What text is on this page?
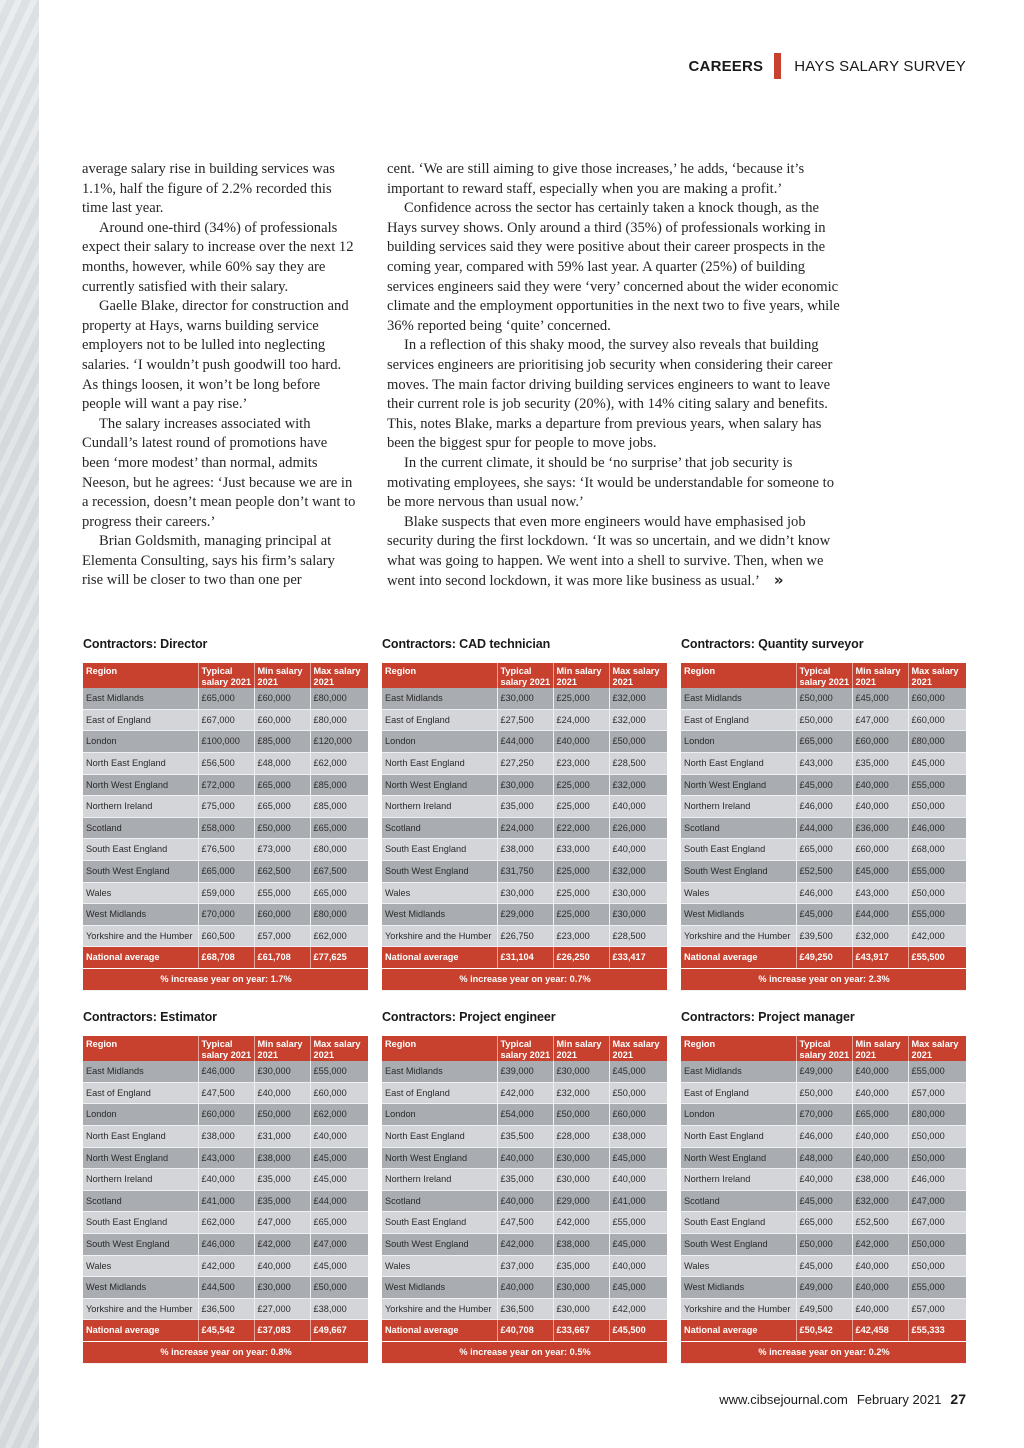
CAREERS HAYS SALARY SURVEY

average salary rise in building services was 1.1%, half the figure of 2.2% recorded this time last year.

Around one-third (34%) of professionals expect their salary to increase over the next 12 months, however, while 60% say they are currently satisfied with their salary.

Gaelle Blake, director for construction and property at Hays, warns building service employers not to be lulled into neglecting salaries. ‘I wouldn’t push goodwill too hard. As things loosen, it won’t be long before people will want a pay rise.’

The salary increases associated with Cundall’s latest round of promotions have been ‘more modest’ than normal, admits Neeson, but he agrees: ‘Just because we are in a recession, doesn’t mean people don’t want to progress their careers.’

Brian Goldsmith, managing principal at Elementa Consulting, says his firm’s salary rise will be closer to two than one per

cent. ‘We are still aiming to give those increases,’ he adds, ‘because it’s important to reward staff, especially when you are making a profit.’

Confidence across the sector has certainly taken a knock though, as the Hays survey shows. Only around a third (35%) of professionals working in building services said they were positive about their career prospects in the coming year, compared with 59% last year. A quarter (25%) of building services engineers said they were ‘very’ concerned about the wider economic climate and the employment opportunities in the next two to five years, while 36% reported being ‘quite’ concerned.

In a reflection of this shaky mood, the survey also reveals that building services engineers are prioritising job security when considering their career moves. The main factor driving building services engineers to want to leave their current role is job security (20%), with 14% citing salary and benefits. This, notes Blake, marks a departure from previous years, when salary has been the biggest spur for people to move jobs.

In the current climate, it should be ‘no surprise’ that job security is motivating employees, she says: ‘It would be understandable for someone to be more nervous than usual now.’

Blake suspects that even more engineers would have emphasised job security during the first lockdown. ‘It was so uncertain, and we didn’t know what was going to happen. We went into a shell to survive. Then, when we went into second lockdown, it was more like business as usual.’ »

Contractors: Director
Region	Typical salary 2021	Min salary 2021	Max salary 2021
East Midlands	£65,000	£60,000	£80,000
East of England	£67,000	£60,000	£80,000
London	£100,000	£85,000	£120,000
North East England	£56,500	£48,000	£62,000
North West England	£72,000	£65,000	£85,000
Northern Ireland	£75,000	£65,000	£85,000
Scotland	£58,000	£50,000	£65,000
South East England	£76,500	£73,000	£80,000
South West England	£65,000	£62,500	£67,500
Wales	£59,000	£55,000	£65,000
West Midlands	£70,000	£60,000	£80,000
Yorkshire and the Humber	£60,500	£57,000	£62,000
National average	£68,708	£61,708	£77,625
% increase year on year: 1.7%			
Contractors: CAD technician
Region	Typical salary 2021	Min salary 2021	Max salary 2021
East Midlands	£30,000	£25,000	£32,000
East of England	£27,500	£24,000	£32,000
London	£44,000	£40,000	£50,000
North East England	£27,250	£23,000	£28,500
North West England	£30,000	£25,000	£32,000
Northern Ireland	£35,000	£25,000	£40,000
Scotland	£24,000	£22,000	£26,000
South East England	£38,000	£33,000	£40,000
South West England	£31,750	£25,000	£32,000
Wales	£30,000	£25,000	£30,000
West Midlands	£29,000	£25,000	£30,000
Yorkshire and the Humber	£26,750	£23,000	£28,500
National average	£31,104	£26,250	£33,417
% increase year on year: 0.7%			
Contractors: Quantity surveyor
Region	Typical salary 2021	Min salary 2021	Max salary 2021
East Midlands	£50,000	£45,000	£60,000
East of England	£50,000	£47,000	£60,000
London	£65,000	£60,000	£80,000
North East England	£43,000	£35,000	£45,000
North West England	£45,000	£40,000	£55,000
Northern Ireland	£46,000	£40,000	£50,000
Scotland	£44,000	£36,000	£46,000
South East England	£65,000	£60,000	£68,000
South West England	£52,500	£45,000	£55,000
Wales	£46,000	£43,000	£50,000
West Midlands	£45,000	£44,000	£55,000
Yorkshire and the Humber	£39,500	£32,000	£42,000
National average	£49,250	£43,917	£55,500
% increase year on year: 2.3%			
Contractors: Estimator
Region	Typical salary 2021	Min salary 2021	Max salary 2021
East Midlands	£46,000	£30,000	£55,000
East of England	£47,500	£40,000	£60,000
London	£60,000	£50,000	£62,000
North East England	£38,000	£31,000	£40,000
North West England	£43,000	£38,000	£45,000
Northern Ireland	£40,000	£35,000	£45,000
Scotland	£41,000	£35,000	£44,000
South East England	£62,000	£47,000	£65,000
South West England	£46,000	£42,000	£47,000
Wales	£42,000	£40,000	£45,000
West Midlands	£44,500	£30,000	£50,000
Yorkshire and the Humber	£36,500	£27,000	£38,000
National average	£45,542	£37,083	£49,667
% increase year on year: 0.8%			
Contractors: Project engineer
Region	Typical salary 2021	Min salary 2021	Max salary 2021
East Midlands	£39,000	£30,000	£45,000
East of England	£42,000	£32,000	£50,000
London	£54,000	£50,000	£60,000
North East England	£35,500	£28,000	£38,000
North West England	£40,000	£30,000	£45,000
Northern Ireland	£35,000	£30,000	£40,000
Scotland	£40,000	£29,000	£41,000
South East England	£47,500	£42,000	£55,000
South West England	£42,000	£38,000	£45,000
Wales	£37,000	£35,000	£40,000
West Midlands	£40,000	£30,000	£45,000
Yorkshire and the Humber	£36,500	£30,000	£42,000
National average	£40,708	£33,667	£45,500
% increase year on year: 0.5%			
Contractors: Project manager
Region	Typical salary 2021	Min salary 2021	Max salary 2021
East Midlands	£49,000	£40,000	£55,000
East of England	£50,000	£40,000	£57,000
London	£70,000	£65,000	£80,000
North East England	£46,000	£40,000	£50,000
North West England	£48,000	£40,000	£50,000
Northern Ireland	£40,000	£38,000	£46,000
Scotland	£45,000	£32,000	£47,000
South East England	£65,000	£52,500	£67,000
South West England	£50,000	£42,000	£50,000
Wales	£45,000	£40,000	£50,000
West Midlands	£49,000	£40,000	£55,000
Yorkshire and the Humber	£49,500	£40,000	£57,000
National average	£50,542	£42,458	£55,333
% increase year on year: 0.2%			
www.cibsejournal.com February 2021 27
